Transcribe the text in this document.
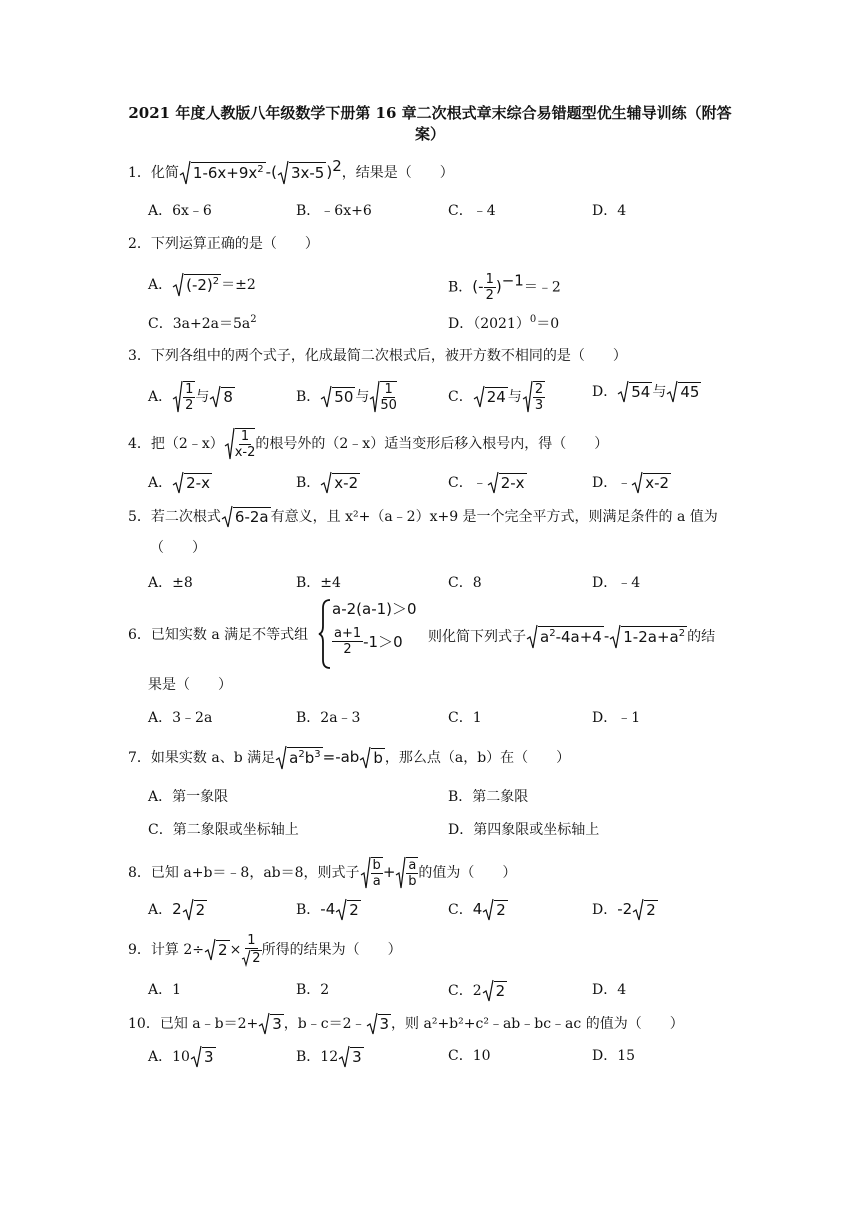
2021 年度人教版八年级数学下册第 16 章二次根式章末综合易错题型优生辅导训练（附答
案）
1．化简 $1-6x+9x^2$ -( 3x-5 )$^2$，结果是（　　）
A．6x﹣6	B．﹣6x+6	C．﹣4	D．4
2．下列运算正确的是（　　）
A． $(-2)^2 =\pm 2$	B．(- $\frac{1}{2}$ )$^{-1}$＝﹣2
C．$3a+2a=5a^2$	D．$(2021)^0=0$
3．下列各组中的两个式子，化成最简二次根式后，被开方数不相同的是（　　）
A． $\frac{1}{2}$ 与 8	B． 50 与 $\frac{1}{50}$	C． 24 与 $\frac{2}{3}$	D． 54 与 45
4．把（2﹣x） $\frac{1}{x-2}$ 的根号外的（2﹣x）适当变形后移入根号内，得（　　）
A． 2-x	B． x-2	C．﹣ 2-x	D．﹣ x-2
5．若二次根式 6-2a 有意义，且 x²+（a﹣2）x+9 是一个完全平方式，则满足条件的 a 值为
（　　）
A．±8	B．±4	C．8	D．﹣4
6．已知实数 a 满足不等式组
a-2(a-1)＞0
$\frac{a+1}{2} -1>0$ 则化简下列式子 $a^2-4a+4 - 1-2a+a^2$ 的结
果是（　　）
A．3﹣2a	B．2a﹣3	C．1	D．﹣1
7．如果实数 a、b 满足 $a^2b^3 =-ab$ b ，那么点（a，b）在（　　）
A．第一象限	B．第二象限
C．第二象限或坐标轴上	D．第四象限或坐标轴上
8．已知 a+b＝﹣8，ab＝8，则式子 $\frac{b}{a} + \frac{a}{b}$ 的值为（　　）
A．2 2	B．-4 2	C．4 2	D．-2 2
9．计算 $2\div 2 \times \frac{1}{2}$ 所得的结果为（　　）
A．1	B．2	C．2 2	D．4
10．已知 a﹣b＝2+ 3 ，b﹣c＝2﹣ 3 ，则 a²+b²+c²﹣ab﹣bc﹣ac 的值为（　　）
A．10 3	B．12 3	C．10	D．15
